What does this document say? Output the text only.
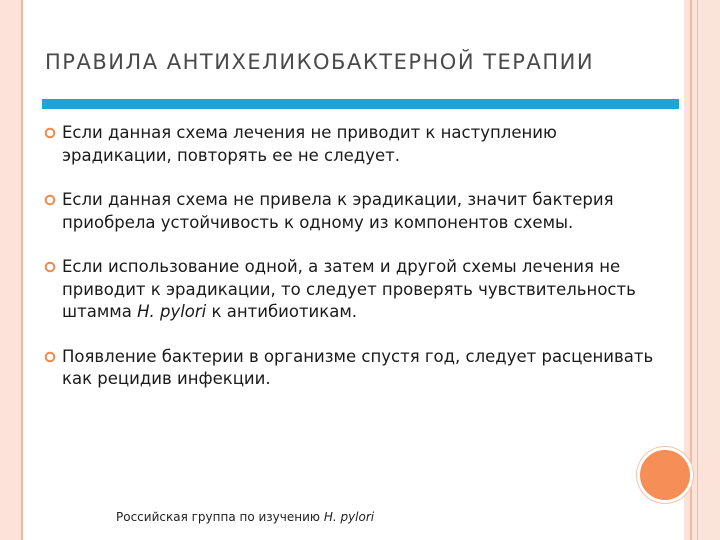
ПРАВИЛА АНТИХЕЛИКОБАКТЕРНОЙ ТЕРАПИИ
Если данная схема лечения не приводит к наступлению эрадикации, повторять ее не следует.
Если данная схема не привела к эрадикации, значит бактерия приобрела устойчивость к одному из компонентов схемы.
Если использование одной, а затем и другой схемы лечения не приводит к эрадикации, то следует проверять чувствительность штамма H. pylori к антибиотикам.
Появление бактерии в организме спустя год, следует расценивать как рецидив инфекции.
Российская группа по изучению H. pylori
